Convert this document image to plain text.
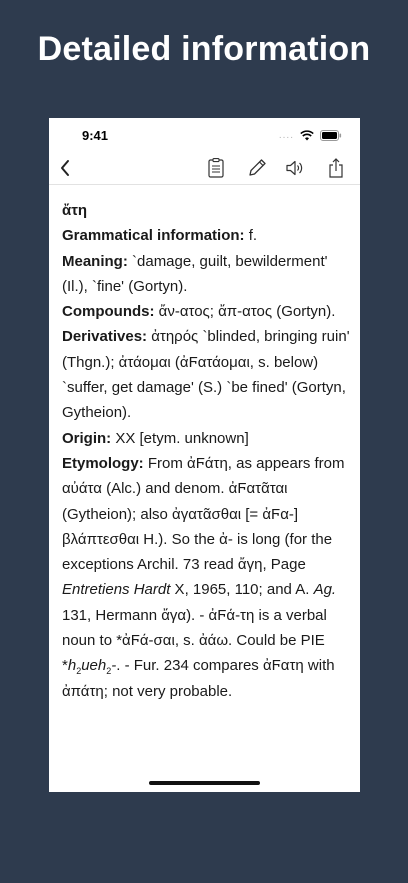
Detailed information
9:41	....
ἄτη
Grammatical information: f.
Meaning: `damage, guilt, bewilderment' (Il.), `fine' (Gortyn).
Compounds: ἄν-ατος; ἄπ-ατος (Gortyn).
Derivatives: ἀτηρός `blinded, bringing ruin' (Thgn.); ἀτάομαι (ἀϜατάομαι, s. below) `suffer, get damage' (S.) `be fined' (Gortyn, Gytheion).
Origin: XX [etym. unknown]
Etymology: From ἀϜάτη, as appears from αὐάτα (Alc.) and denom. ἀϜατᾶται (Gytheion); also ἀγατᾶσθαι [= ἀϜα-] βλάπτεσθαι H.). So the ἀ- is long (for the exceptions Archil. 73 read ἄγη, Page Entretiens Hardt X, 1965, 110; and A. Ag. 131, Hermann ἄγα). - ἀϜά-τη is a verbal noun to *ἀϜά-σαι, s. ἀάω. Could be PIE $*h_2ueh_2-$. - Fur. 234 compares ἀϜατη with ἀπάτη; not very probable.
